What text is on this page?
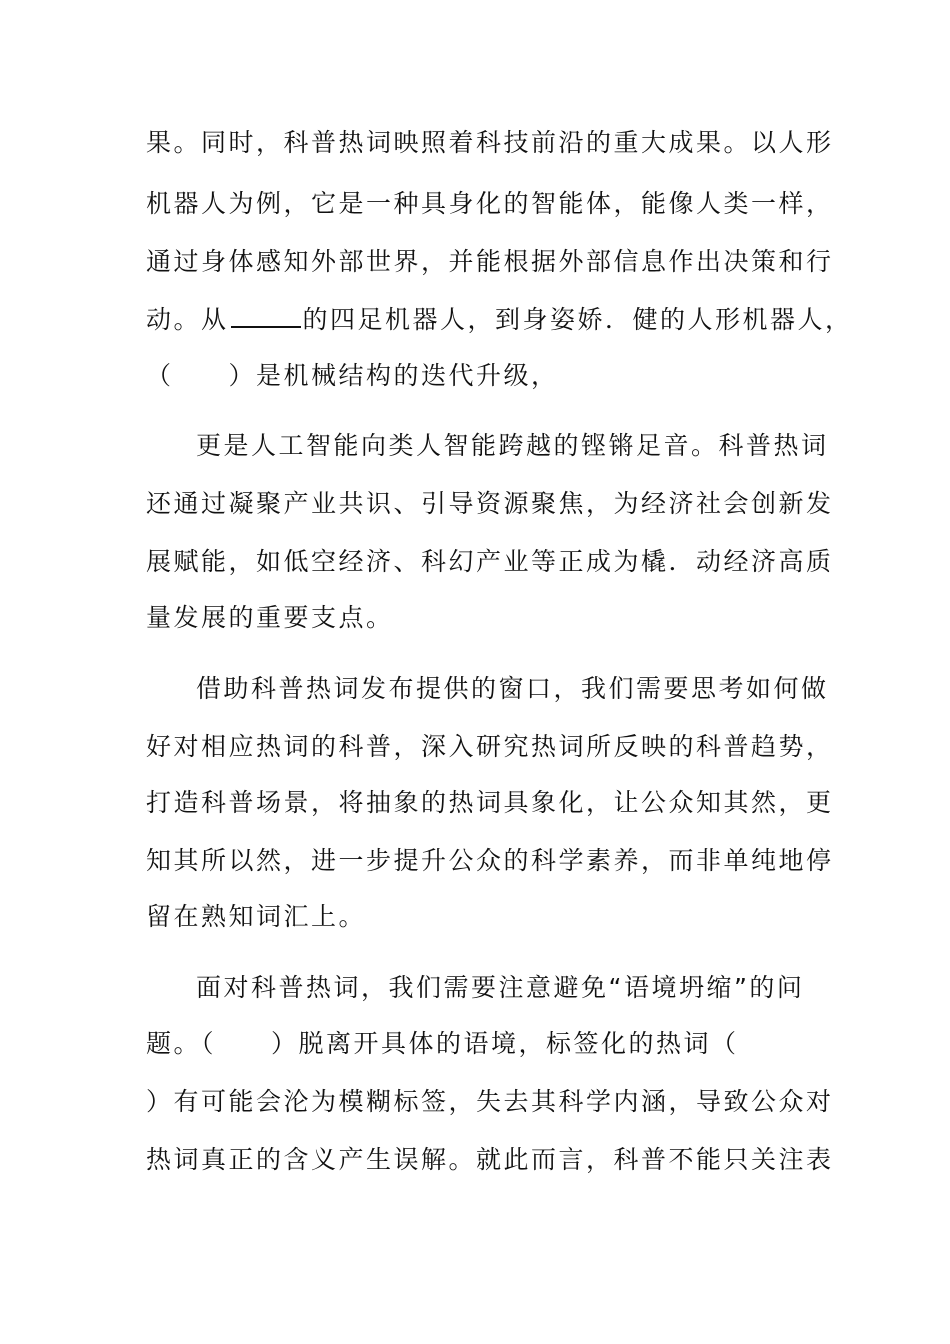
果。同时，科普热词映照着科技前沿的重大成果。以人形
机器人为例，它是一种具身化的智能体，能像人类一样，
通过身体感知外部世界，并能根据外部信息作出决策和行
动。从	的四足机器人，到身姿娇．健的人形机器人，
（　　）是机械结构的迭代升级，
更是人工智能向类人智能跨越的铿锵足音。科普热词
还通过凝聚产业共识、引导资源聚焦，为经济社会创新发
展赋能，如低空经济、科幻产业等正成为橇．动经济高质
量发展的重要支点。
借助科普热词发布提供的窗口，我们需要思考如何做
好对相应热词的科普，深入研究热词所反映的科普趋势，
打造科普场景，将抽象的热词具象化，让公众知其然，更
知其所以然，进一步提升公众的科学素养，而非单纯地停
留在熟知词汇上。
面对科普热词，我们需要注意避免“语境坍缩”的问
题。（　　）脱离开具体的语境，标签化的热词（
）有可能会沦为模糊标签，失去其科学内涵，导致公众对
热词真正的含义产生误解。就此而言，科普不能只关注表
